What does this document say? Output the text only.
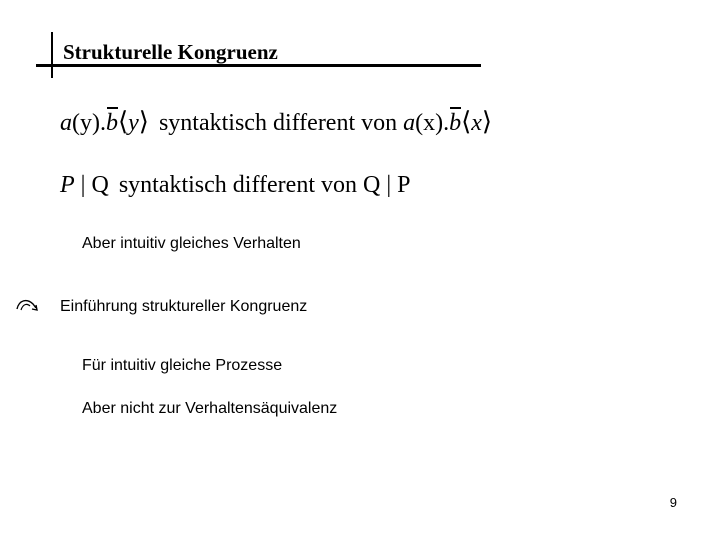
Strukturelle Kongruenz
a(y).b⟨y⟩ syntaktisch different von a(x).b⟨x⟩
P | Q syntaktisch different von Q | P
Aber intuitiv gleiches Verhalten
Einführung struktureller Kongruenz
Für intuitiv gleiche Prozesse
Aber nicht zur Verhaltensäquivalenz
9
